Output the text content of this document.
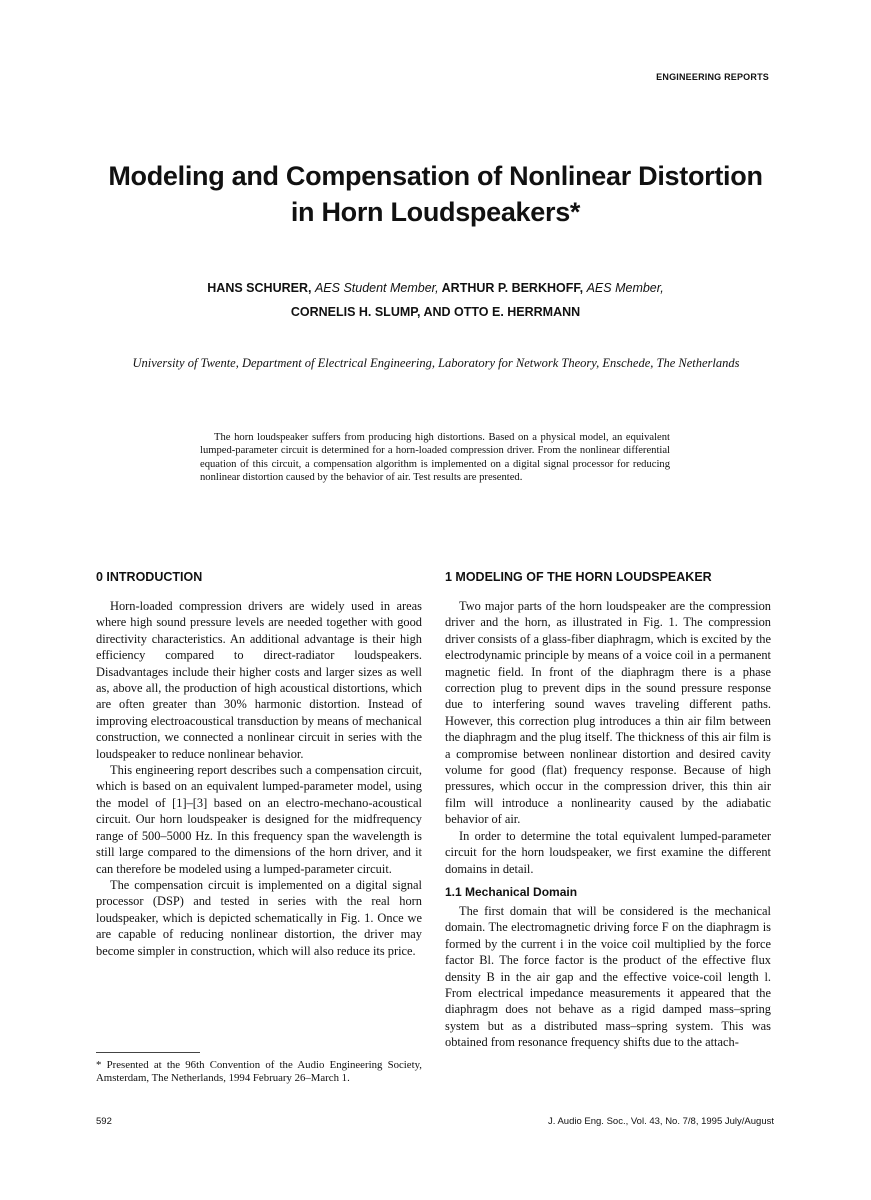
ENGINEERING REPORTS
Modeling and Compensation of Nonlinear Distortion
in Horn Loudspeakers*
HANS SCHURER, AES Student Member, ARTHUR P. BERKHOFF, AES Member,
CORNELIS H. SLUMP, AND OTTO E. HERRMANN
University of Twente, Department of Electrical Engineering, Laboratory for Network Theory, Enschede, The Netherlands

The horn loudspeaker suffers from producing high distortions. Based on a physical model, an equivalent lumped-parameter circuit is determined for a horn-loaded compression driver. From the nonlinear differential equation of this circuit, a compensation algorithm is implemented on a digital signal processor for reducing nonlinear distortion caused by the behavior of air. Test results are presented.

0 INTRODUCTION

Horn-loaded compression drivers are widely used in areas where high sound pressure levels are needed together with good directivity characteristics. An additional advantage is their high efficiency compared to direct-radiator loudspeakers. Disadvantages include their higher costs and larger sizes as well as, above all, the production of high acoustical distortions, which are often greater than 30% harmonic distortion. Instead of improving electroacoustical transduction by means of mechanical construction, we connected a nonlinear circuit in series with the loudspeaker to reduce nonlinear behavior.

This engineering report describes such a compensation circuit, which is based on an equivalent lumped-parameter model, using the model of [1]–[3] based on an electro-mechano-acoustical circuit. Our horn loudspeaker is designed for the midfrequency range of 500–5000 Hz. In this frequency span the wavelength is still large compared to the dimensions of the horn driver, and it can therefore be modeled using a lumped-parameter circuit.

The compensation circuit is implemented on a digital signal processor (DSP) and tested in series with the real horn loudspeaker, which is depicted schematically in Fig. 1. Once we are capable of reducing nonlinear distortion, the driver may become simpler in construction, which will also reduce its price.

1 MODELING OF THE HORN LOUDSPEAKER

Two major parts of the horn loudspeaker are the compression driver and the horn, as illustrated in Fig. 1. The compression driver consists of a glass-fiber diaphragm, which is excited by the electrodynamic principle by means of a voice coil in a permanent magnetic field. In front of the diaphragm there is a phase correction plug to prevent dips in the sound pressure response due to interfering sound waves traveling different paths. However, this correction plug introduces a thin air film between the diaphragm and the plug itself. The thickness of this air film is a compromise between nonlinear distortion and desired cavity volume for good (flat) frequency response. Because of high pressures, which occur in the compression driver, this thin air film will introduce a nonlinearity caused by the adiabatic behavior of air.

In order to determine the total equivalent lumped-parameter circuit for the horn loudspeaker, we first examine the different domains in detail.

1.1 Mechanical Domain

The first domain that will be considered is the mechanical domain. The electromagnetic driving force F on the diaphragm is formed by the current i in the voice coil multiplied by the force factor Bl. The force factor is the product of the effective flux density B in the air gap and the effective voice-coil length l. From electrical impedance measurements it appeared that the diaphragm does not behave as a rigid damped mass–spring system but as a distributed mass–spring system. This was obtained from resonance frequency shifts due to the attach-

* Presented at the 96th Convention of the Audio Engineering Society, Amsterdam, The Netherlands, 1994 February 26–March 1.
592	J. Audio Eng. Soc., Vol. 43, No. 7/8, 1995 July/August
